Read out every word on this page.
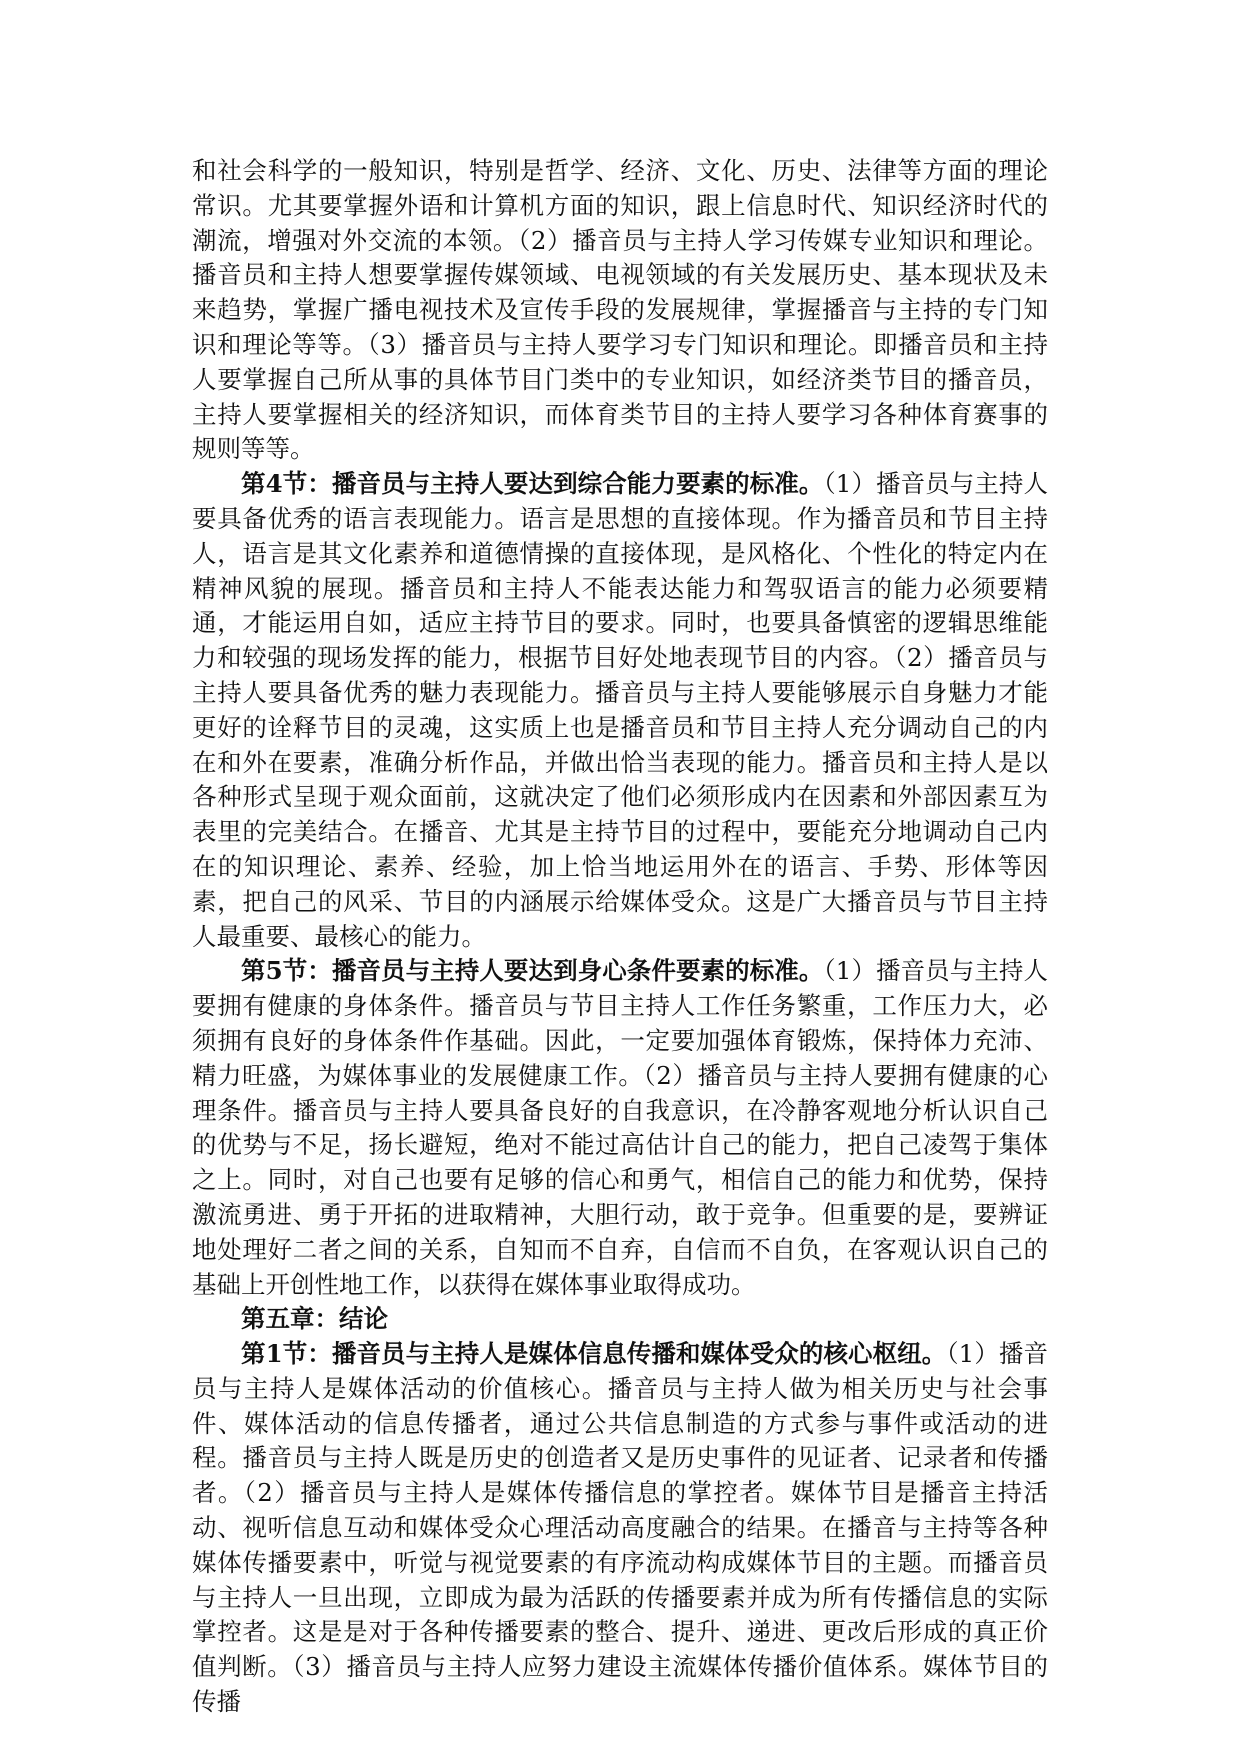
和社会科学的一般知识，特别是哲学、经济、文化、历史、法律等方面的理论常识。尤其要掌握外语和计算机方面的知识，跟上信息时代、知识经济时代的潮流，增强对外交流的本领。（2）播音员与主持人学习传媒专业知识和理论。播音员和主持人想要掌握传媒领域、电视领域的有关发展历史、基本现状及未来趋势，掌握广播电视技术及宣传手段的发展规律，掌握播音与主持的专门知识和理论等等。（3）播音员与主持人要学习专门知识和理论。即播音员和主持人要掌握自己所从事的具体节目门类中的专业知识，如经济类节目的播音员，主持人要掌握相关的经济知识，而体育类节目的主持人要学习各种体育赛事的规则等等。

第4节：播音员与主持人要达到综合能力要素的标准。（1）播音员与主持人要具备优秀的语言表现能力。语言是思想的直接体现。作为播音员和节目主持人，语言是其文化素养和道德情操的直接体现，是风格化、个性化的特定内在精神风貌的展现。播音员和主持人不能表达能力和驾驭语言的能力必须要精通，才能运用自如，适应主持节目的要求。同时，也要具备慎密的逻辑思维能力和较强的现场发挥的能力，根据节目好处地表现节目的内容。（2）播音员与主持人要具备优秀的魅力表现能力。播音员与主持人要能够展示自身魅力才能更好的诠释节目的灵魂，这实质上也是播音员和节目主持人充分调动自己的内在和外在要素，准确分析作品，并做出恰当表现的能力。播音员和主持人是以各种形式呈现于观众面前，这就决定了他们必须形成内在因素和外部因素互为表里的完美结合。在播音、尤其是主持节目的过程中，要能充分地调动自己内在的知识理论、素养、经验，加上恰当地运用外在的语言、手势、形体等因素，把自己的风采、节目的内涵展示给媒体受众。这是广大播音员与节目主持人最重要、最核心的能力。

第5节：播音员与主持人要达到身心条件要素的标准。（1）播音员与主持人要拥有健康的身体条件。播音员与节目主持人工作任务繁重，工作压力大，必须拥有良好的身体条件作基础。因此，一定要加强体育锻炼，保持体力充沛、精力旺盛，为媒体事业的发展健康工作。（2）播音员与主持人要拥有健康的心理条件。播音员与主持人要具备良好的自我意识，在冷静客观地分析认识自己的优势与不足，扬长避短，绝对不能过高估计自己的能力，把自己凌驾于集体之上。同时，对自己也要有足够的信心和勇气，相信自己的能力和优势，保持激流勇进、勇于开拓的进取精神，大胆行动，敢于竞争。但重要的是，要辨证地处理好二者之间的关系，自知而不自弃，自信而不自负，在客观认识自己的基础上开创性地工作，以获得在媒体事业取得成功。

第五章：结论

第1节：播音员与主持人是媒体信息传播和媒体受众的核心枢纽。（1）播音员与主持人是媒体活动的价值核心。播音员与主持人做为相关历史与社会事件、媒体活动的信息传播者，通过公共信息制造的方式参与事件或活动的进程。播音员与主持人既是历史的创造者又是历史事件的见证者、记录者和传播者。（2）播音员与主持人是媒体传播信息的掌控者。媒体节目是播音主持活动、视听信息互动和媒体受众心理活动高度融合的结果。在播音与主持等各种媒体传播要素中，听觉与视觉要素的有序流动构成媒体节目的主题。而播音员与主持人一旦出现，立即成为最为活跃的传播要素并成为所有传播信息的实际掌控者。这是是对于各种传播要素的整合、提升、递进、更改后形成的真正价值判断。（3）播音员与主持人应努力建设主流媒体传播价值体系。媒体节目的传播
